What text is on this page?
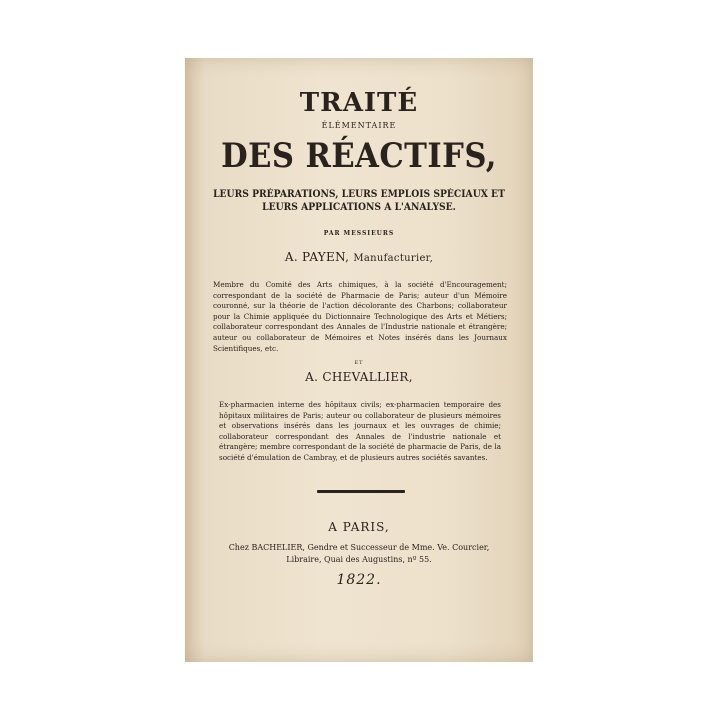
TRAITÉ
ÉLÉMENTAIRE
DES RÉACTIFS,
LEURS PRÉPARATIONS, LEURS EMPLOIS SPÉCIAUX ET
LEURS APPLICATIONS A L'ANALYSE.
PAR MESSIEURS
A. PAYEN, Manufacturier,
Membre du Comité des Arts chimiques, à la société d'Encouragement; correspondant de la société de Pharmacie de Paris; auteur d'un Mémoire couronné, sur la théorie de l'action décolorante des Charbons; collaborateur pour la Chimie appliquée du Dictionnaire Technologique des Arts et Métiers; collaborateur correspondant des Annales de l'Industrie nationale et étrangère; auteur ou collaborateur de Mémoires et Notes insérés dans les Journaux Scientifiques, etc.
ET
A. CHEVALLIER,
Ex-pharmacien interne des hôpitaux civils; ex-pharmacien temporaire des hôpitaux militaires de Paris; auteur ou collaborateur de plusieurs mémoires et observations insérés dans les journaux et les ouvrages de chimie; collaborateur correspondant des Annales de l'industrie nationale et étrangère; membre correspondant de la société de pharmacie de Paris, de la société d'émulation de Cambray, et de plusieurs autres sociétés savantes.
A PARIS,
Chez BACHELIER, Gendre et Successeur de Mme. Ve. Courcier,
Libraire, Quai des Augustins, nº 55.
1822.
